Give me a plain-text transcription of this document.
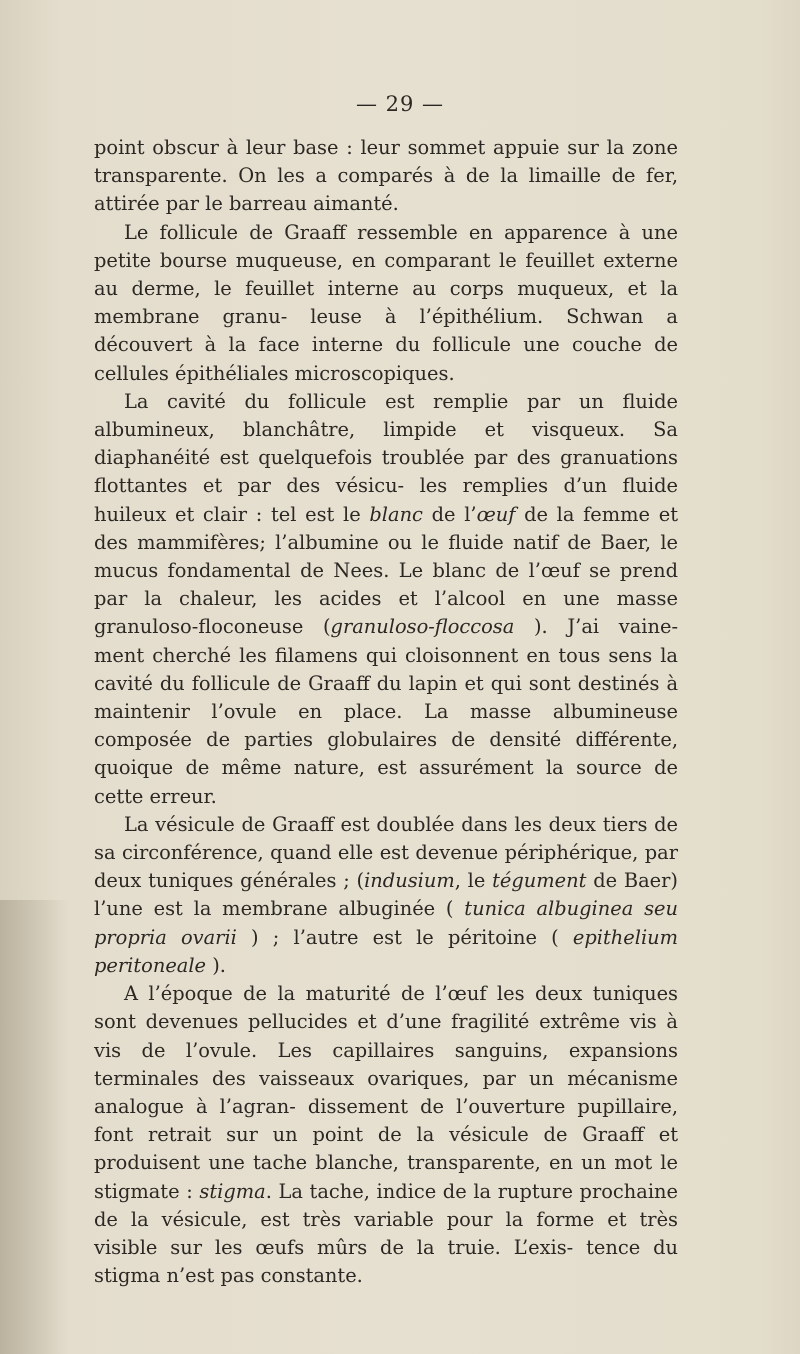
— 29 —

point obscur à leur base : leur sommet appuie sur la zone transparente. On les a comparés à de la limaille de fer, attirée par le barreau aimanté.

Le follicule de Graaff ressemble en apparence à une petite bourse muqueuse, en comparant le feuillet externe au derme, le feuillet interne au corps muqueux, et la membrane granu- leuse à l’épithélium. Schwan a découvert à la face interne du follicule une couche de cellules épithéliales microscopiques.

La cavité du follicule est remplie par un fluide albumineux, blanchâtre, limpide et visqueux. Sa diaphanéité est quelquefois troublée par des granuations flottantes et par des vésicu- les remplies d’un fluide huileux et clair : tel est le blanc de l’œuf de la femme et des mammifères; l’albumine ou le fluide natif de Baer, le mucus fondamental de Nees. Le blanc de l’œuf se prend par la chaleur, les acides et l’alcool en une masse granuloso-floconeuse (granuloso-floccosa ). J’ai vaine- ment cherché les filamens qui cloisonnent en tous sens la cavité du follicule de Graaff du lapin et qui sont destinés à maintenir l’ovule en place. La masse albumineuse composée de parties globulaires de densité différente, quoique de même nature, est assurément la source de cette erreur.

La vésicule de Graaff est doublée dans les deux tiers de sa circonférence, quand elle est devenue périphérique, par deux tuniques générales ; (indusium, le tégument de Baer) l’une est la membrane albuginée ( tunica albuginea seu propria ovarii ) ; l’autre est le péritoine ( epithelium peritoneale ).

A l’époque de la maturité de l’œuf les deux tuniques sont devenues pellucides et d’une fragilité extrême vis à vis de l’ovule. Les capillaires sanguins, expansions terminales des vaisseaux ovariques, par un mécanisme analogue à l’agran- dissement de l’ouverture pupillaire, font retrait sur un point de la vésicule de Graaff et produisent une tache blanche, transparente, en un mot le stigmate : stigma. La tache, indice de la rupture prochaine de la vésicule, est très variable pour la forme et très visible sur les œufs mûrs de la truie. L’exis- tence du stigma n’est pas constante.
